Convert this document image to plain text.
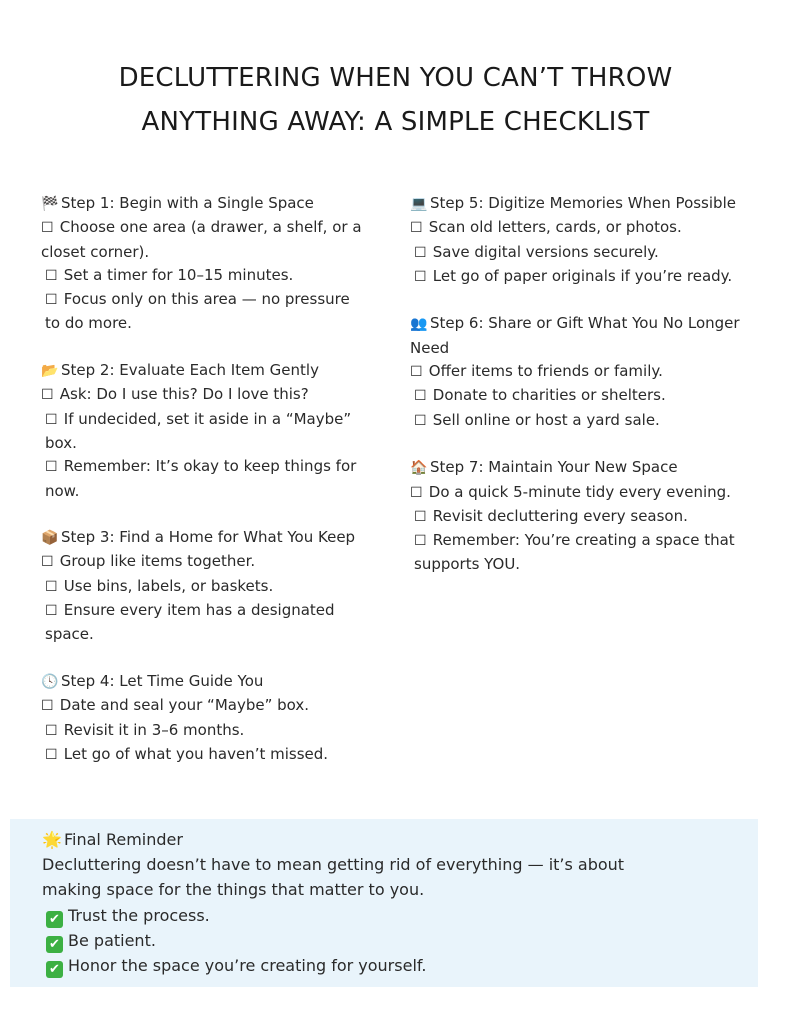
DECLUTTERING WHEN YOU CAN’T THROW
ANYTHING AWAY: A SIMPLE CHECKLIST
🏁 Step 1: Begin with a Single Space
☐ Choose one area (a drawer, a shelf, or a closet corner).
☐ Set a timer for 10–15 minutes.
☐ Focus only on this area — no pressure to do more.
📂 Step 2: Evaluate Each Item Gently
☐ Ask: Do I use this? Do I love this?
☐ If undecided, set it aside in a “Maybe” box.
☐ Remember: It’s okay to keep things for now.
📦 Step 3: Find a Home for What You Keep
☐ Group like items together.
☐ Use bins, labels, or baskets.
☐ Ensure every item has a designated space.
🕓 Step 4: Let Time Guide You
☐ Date and seal your “Maybe” box.
☐ Revisit it in 3–6 months.
☐ Let go of what you haven’t missed.
💻 Step 5: Digitize Memories When Possible
☐ Scan old letters, cards, or photos.
☐ Save digital versions securely.
☐ Let go of paper originals if you’re ready.
👥 Step 6: Share or Gift What You No Longer Need
☐ Offer items to friends or family.
☐ Donate to charities or shelters.
☐ Sell online or host a yard sale.
🏠 Step 7: Maintain Your New Space
☐ Do a quick 5-minute tidy every evening.
☐ Revisit decluttering every season.
☐ Remember: You’re creating a space that supports YOU.
🌟 Final Reminder
Decluttering doesn’t have to mean getting rid of everything — it’s about
making space for the things that matter to you.
✔ Trust the process.
✔ Be patient.
✔ Honor the space you’re creating for yourself.
